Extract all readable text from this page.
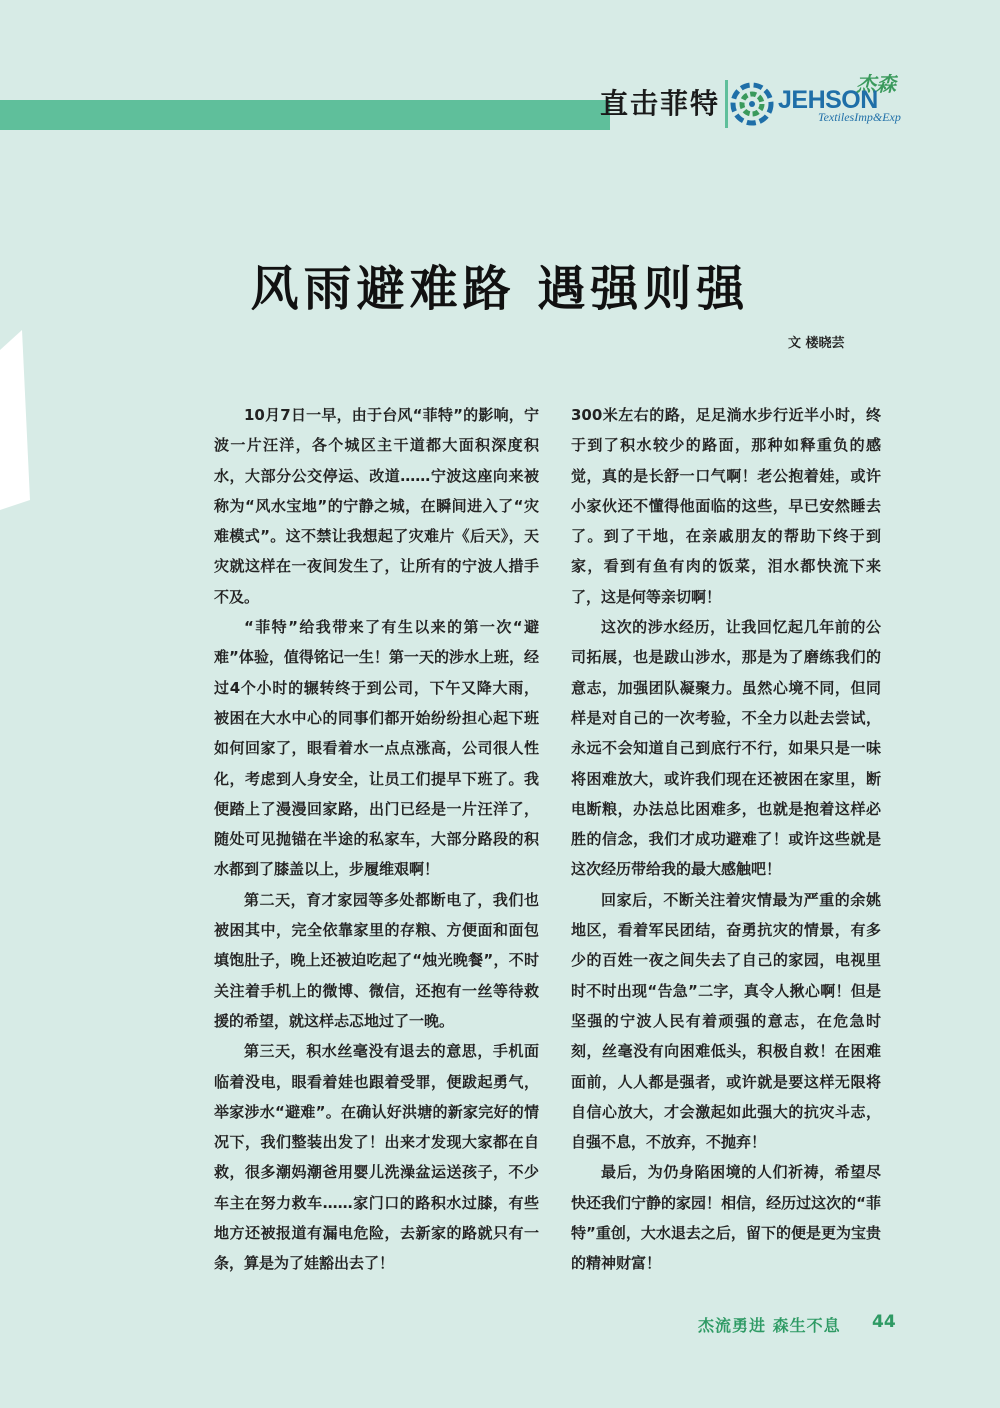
直击菲特
杰森
JEHSON
TextilesImp&Exp
风雨避难路 遇强则强
文 楼晓芸

10月7日一早，由于台风“菲特”的影响，宁波一片汪洋，各个城区主干道都大面积深度积水，大部分公交停运、改道……宁波这座向来被称为“风水宝地”的宁静之城，在瞬间进入了“灾难模式”。这不禁让我想起了灾难片《后天》，天灾就这样在一夜间发生了，让所有的宁波人措手不及。

“菲特”给我带来了有生以来的第一次“避难”体验，值得铭记一生！第一天的涉水上班，经过4个小时的辗转终于到公司，下午又降大雨，被困在大水中心的同事们都开始纷纷担心起下班如何回家了，眼看着水一点点涨高，公司很人性化，考虑到人身安全，让员工们提早下班了。我便踏上了漫漫回家路，出门已经是一片汪洋了，随处可见抛锚在半途的私家车，大部分路段的积水都到了膝盖以上，步履维艰啊！

第二天，育才家园等多处都断电了，我们也被困其中，完全依靠家里的存粮、方便面和面包填饱肚子，晚上还被迫吃起了“烛光晚餐”，不时关注着手机上的微博、微信，还抱有一丝等待救援的希望，就这样忐忑地过了一晚。

第三天，积水丝毫没有退去的意思，手机面临着没电，眼看着娃也跟着受罪，便跋起勇气，举家涉水“避难”。在确认好洪塘的新家完好的情况下，我们整装出发了！出来才发现大家都在自救，很多潮妈潮爸用婴儿洗澡盆运送孩子，不少车主在努力救车……家门口的路积水过膝，有些地方还被报道有漏电危险，去新家的路就只有一条，算是为了娃豁出去了！

300米左右的路，足足淌水步行近半小时，终于到了积水较少的路面，那种如释重负的感觉，真的是长舒一口气啊！老公抱着娃，或许小家伙还不懂得他面临的这些，早已安然睡去了。到了干地，在亲戚朋友的帮助下终于到家，看到有鱼有肉的饭菜，泪水都快流下来了，这是何等亲切啊！

这次的涉水经历，让我回忆起几年前的公司拓展，也是跋山涉水，那是为了磨练我们的意志，加强团队凝聚力。虽然心境不同，但同样是对自己的一次考验，不全力以赴去尝试，永远不会知道自己到底行不行，如果只是一味将困难放大，或许我们现在还被困在家里，断电断粮，办法总比困难多，也就是抱着这样必胜的信念，我们才成功避难了！或许这些就是这次经历带给我的最大感触吧！

回家后，不断关注着灾情最为严重的余姚地区，看着军民团结，奋勇抗灾的情景，有多少的百姓一夜之间失去了自己的家园，电视里时不时出现“告急”二字，真令人揪心啊！但是坚强的宁波人民有着顽强的意志，在危急时刻，丝毫没有向困难低头，积极自救！在困难面前，人人都是强者，或许就是要这样无限将自信心放大，才会激起如此强大的抗灾斗志，自强不息，不放弃，不抛弃！

最后，为仍身陷困境的人们祈祷，希望尽快还我们宁静的家园！相信，经历过这次的“菲特”重创，大水退去之后，留下的便是更为宝贵的精神财富！

杰流勇进 森生不息 44
